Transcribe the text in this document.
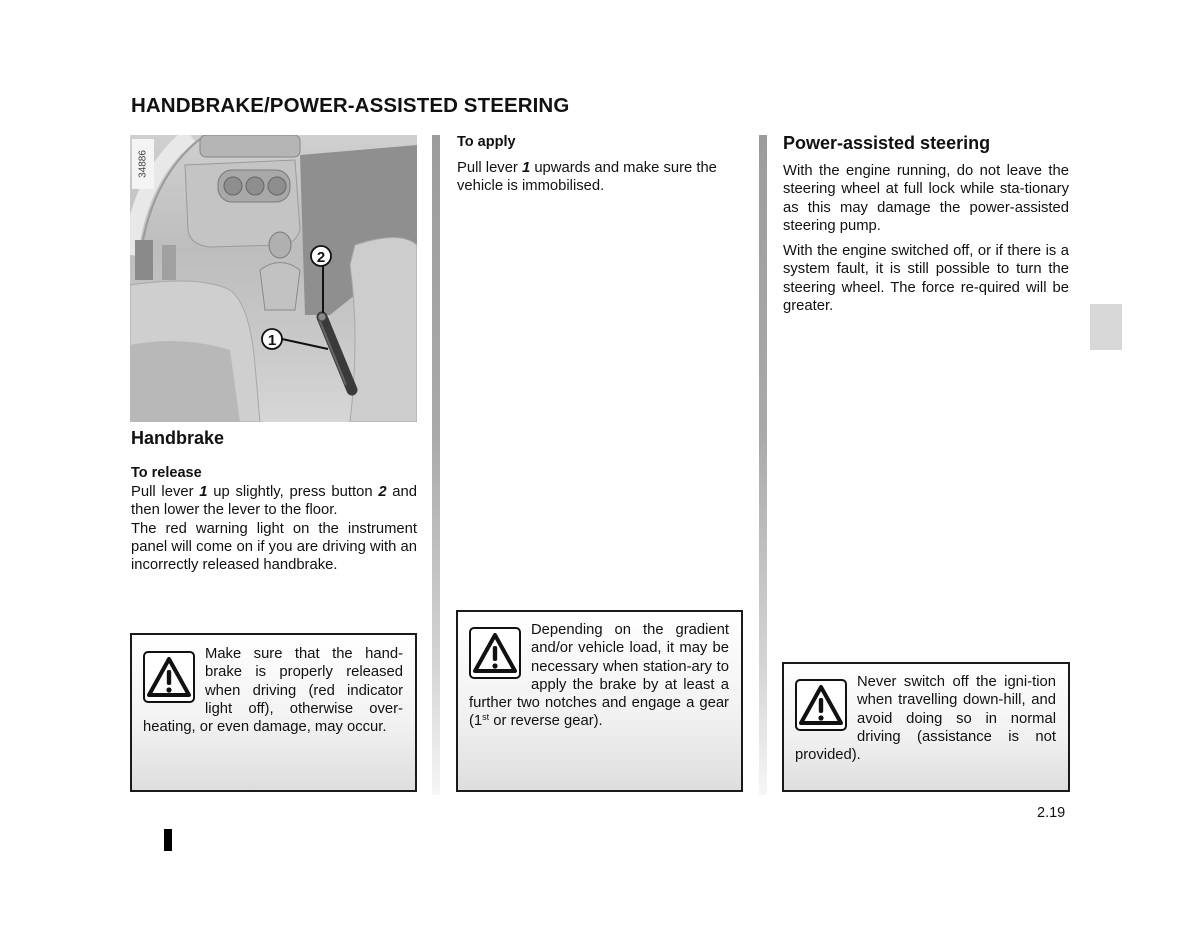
HANDBRAKE/POWER-ASSISTED STEERING
2
1
34886
Handbrake
To release

Pull lever 1 up slightly, press button 2 and then lower the lever to the floor.

The red warning light on the instrument panel will come on if you are driving with an incorrectly released handbrake.

Make sure that the hand-brake is properly released when driving (red indicator light off), otherwise over-heating, or even damage, may occur.
To apply

Pull lever 1 upwards and make sure the vehicle is immobilised.

Depending on the gradient and/or vehicle load, it may be necessary when station-ary to apply the brake by at least a further two notches and engage a gear (1st or reverse gear).
Power-assisted steering

With the engine running, do not leave the steering wheel at full lock while sta-tionary as this may damage the power-assisted steering pump.

With the engine switched off, or if there is a system fault, it is still possible to turn the steering wheel. The force re-quired will be greater.

Never switch off the igni-tion when travelling down-hill, and avoid doing so in normal driving (assistance is not provided).
2.19
